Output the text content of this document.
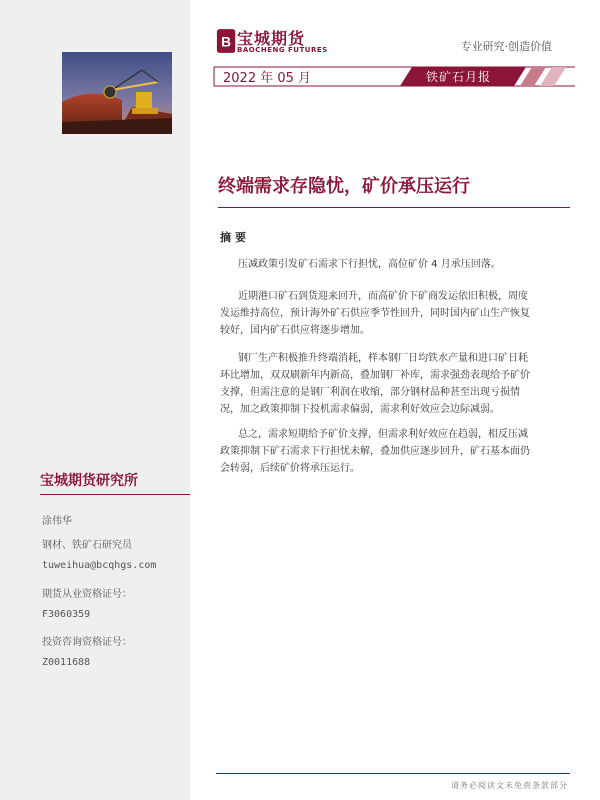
B 宝城期货
BAOCHENG FUTURES	专业研究·创造价值
2022 年 05 月	铁矿石月报
终端需求存隐忧，矿价承压运行
摘要
压减政策引发矿石需求下行担忧，高位矿价 4 月承压回落。
近期港口矿石到货迎来回升，而高矿价下矿商发运依旧积极，周度
发运维持高位，预计海外矿石供应季节性回升，同时国内矿山生产恢复
较好，国内矿石供应将逐步增加。
钢厂生产积极推升终端消耗，样本钢厂日均铁水产量和进口矿日耗
环比增加，双双刷新年内新高，叠加钢厂补库，需求强劲表现给予矿价
支撑，但需注意的是钢厂利润在收缩，部分钢材品种甚至出现亏损情
况，加之政策抑制下投机需求偏弱，需求利好效应会边际减弱。
总之，需求短期给予矿价支撑，但需求利好效应在趋弱，相反压减
政策抑制下矿石需求下行担忧未解，叠加供应逐步回升，矿石基本面仍
会转弱，后续矿价将承压运行。
宝城期货研究所
涂伟华
钢材、铁矿石研究员
tuweihua@bcqhgs.com
期货从业资格证号：
F3060359
投资咨询资格证号：
Z0011688
请务必阅读文末免责条款部分
